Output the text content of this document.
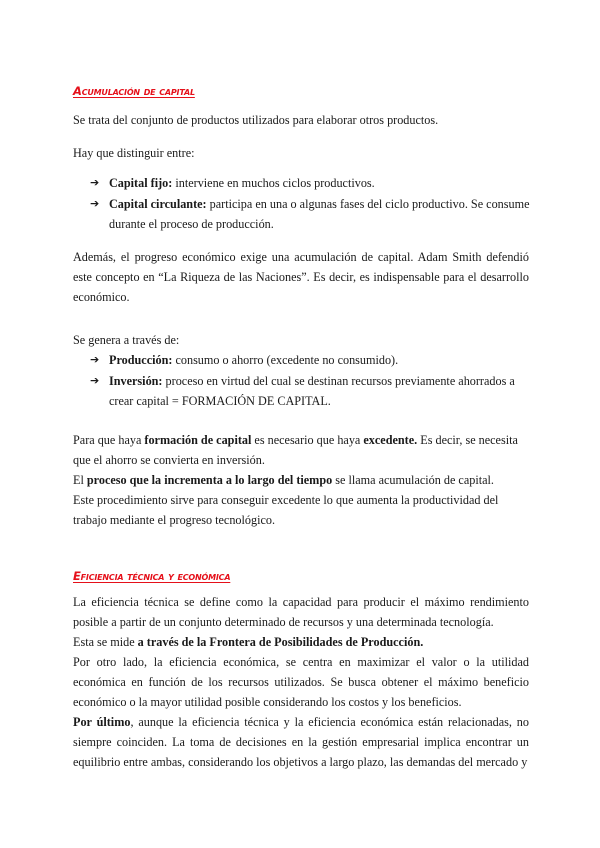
Acumulación de capital

Se trata del conjunto de productos utilizados para elaborar otros productos.

Hay que distinguir entre:

➔ Capital fijo: interviene en muchos ciclos productivos.
➔ Capital circulante: participa en una o algunas fases del ciclo productivo. Se consume durante el proceso de producción.

Además, el progreso económico exige una acumulación de capital. Adam Smith defendió este concepto en “La Riqueza de las Naciones”. Es decir, es indispensable para el desarrollo económico.

Se genera a través de:

➔ Producción: consumo o ahorro (excedente no consumido).
➔ Inversión: proceso en virtud del cual se destinan recursos previamente ahorrados a crear capital = FORMACIÓN DE CAPITAL.
Para que haya formación de capital es necesario que haya excedente. Es decir, se necesita que el ahorro se convierta en inversión.
El proceso que la incrementa a lo largo del tiempo se llama acumulación de capital.
Este procedimiento sirve para conseguir excedente lo que aumenta la productividad del trabajo mediante el progreso tecnológico.
Eficiencia técnica y económica
La eficiencia técnica se define como la capacidad para producir el máximo rendimiento posible a partir de un conjunto determinado de recursos y una determinada tecnología.
Esta se mide a través de la Frontera de Posibilidades de Producción.
Por otro lado, la eficiencia económica, se centra en maximizar el valor o la utilidad económica en función de los recursos utilizados. Se busca obtener el máximo beneficio económico o la mayor utilidad posible considerando los costos y los beneficios.
Por último, aunque la eficiencia técnica y la eficiencia económica están relacionadas, no siempre coinciden. La toma de decisiones en la gestión empresarial implica encontrar un equilibrio entre ambas, considerando los objetivos a largo plazo, las demandas del mercado y
